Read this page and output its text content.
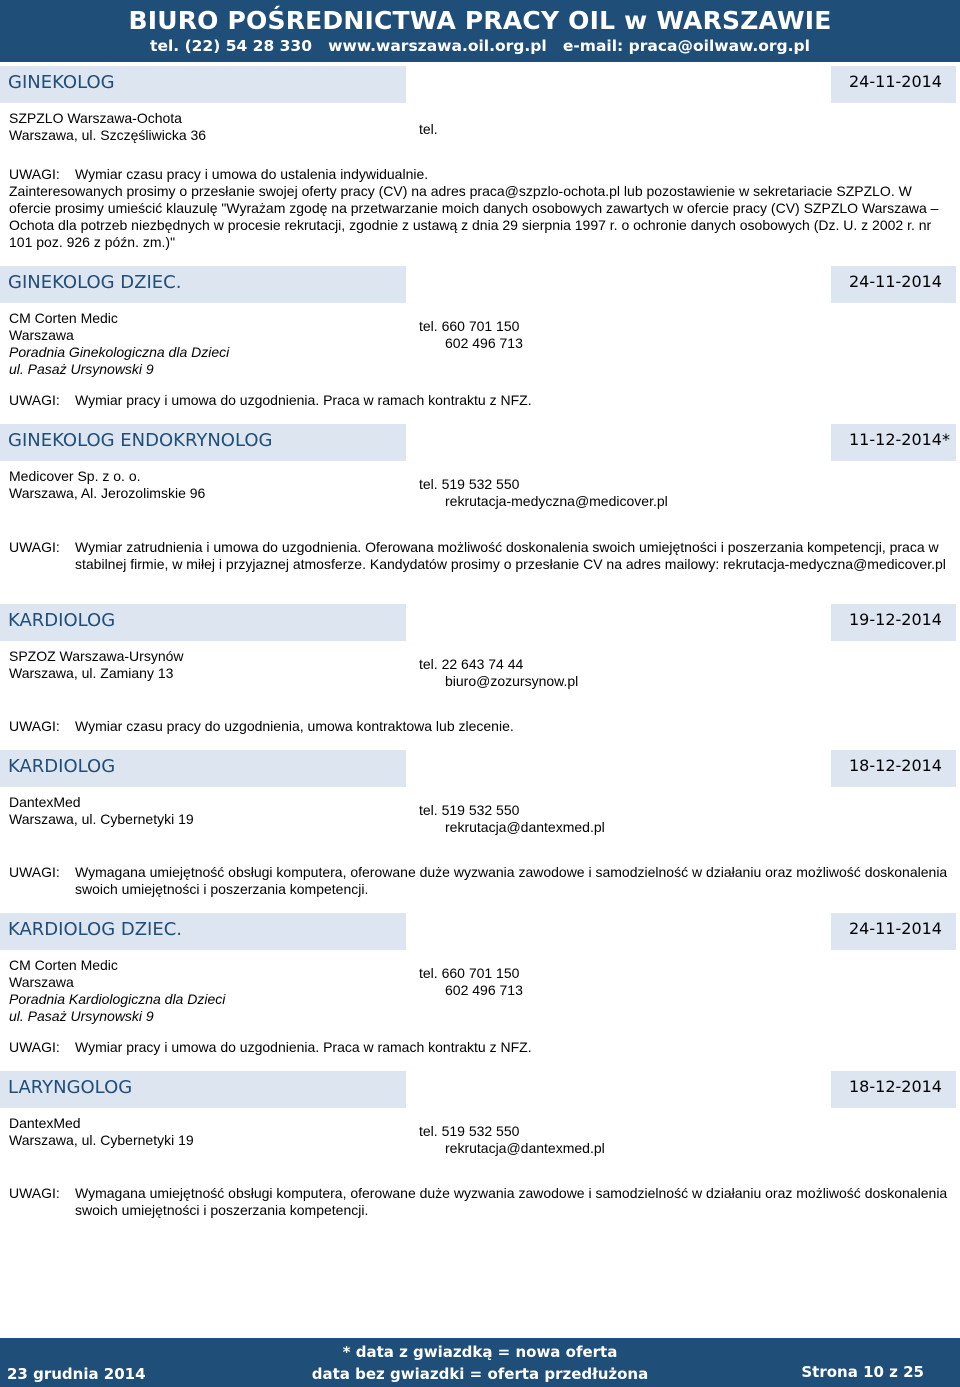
BIURO POŚREDNICTWA PRACY OIL w WARSZAWIE
tel. (22) 54 28 330   www.warszawa.oil.org.pl   e-mail: praca@oilwaw.org.pl
GINEKOLOG	24-11-2014
SZPZLO Warszawa-Ochota
Warszawa, ul. Szczęśliwicka 36	tel.
UWAGI: Wymiar czasu pracy i umowa do ustalenia indywidualnie.
Zainteresowanych prosimy o przesłanie swojej oferty pracy (CV) na adres praca@szpzlo-ochota.pl lub pozostawienie w sekretariacie SZPZLO. W ofercie prosimy umieścić klauzulę "Wyrażam zgodę na przetwarzanie moich danych osobowych zawartych w ofercie pracy (CV) SZPZLO Warszawa – Ochota dla potrzeb niezbędnych w procesie rekrutacji, zgodnie z ustawą z dnia 29 sierpnia 1997 r. o ochronie danych osobowych (Dz. U. z 2002 r. nr 101 poz. 926 z późn. zm.)"
GINEKOLOG DZIEC.	24-11-2014
CM Corten Medic
Warszawa
Poradnia Ginekologiczna dla Dzieci
ul. Pasaż Ursynowski 9
tel. 660 701 150
602 496 713
UWAGI: Wymiar pracy i umowa do uzgodnienia. Praca w ramach kontraktu z NFZ.
GINEKOLOG ENDOKRYNOLOG	11-12-2014*
Medicover Sp. z o. o.
Warszawa, Al. Jerozolimskie 96
tel. 519 532 550
rekrutacja-medyczna@medicover.pl
UWAGI: Wymiar zatrudnienia i umowa do uzgodnienia. Oferowana możliwość doskonalenia swoich umiejętności i poszerzania kompetencji, praca w stabilnej firmie, w miłej i przyjaznej atmosferze. Kandydatów prosimy o przesłanie CV na adres mailowy: rekrutacja-medyczna@medicover.pl
KARDIOLOG	19-12-2014
SPZOZ Warszawa-Ursynów
Warszawa, ul. Zamiany 13
tel. 22 643 74 44
biuro@zozursynow.pl
UWAGI: Wymiar czasu pracy do uzgodnienia, umowa kontraktowa lub zlecenie.
KARDIOLOG	18-12-2014
DantexMed
Warszawa, ul. Cybernetyki 19
tel. 519 532 550
rekrutacja@dantexmed.pl
UWAGI: Wymagana umiejętność obsługi komputera, oferowane duże wyzwania zawodowe i samodzielność w działaniu oraz możliwość doskonalenia swoich umiejętności i poszerzania kompetencji.
KARDIOLOG DZIEC.	24-11-2014
CM Corten Medic
Warszawa
Poradnia Kardiologiczna dla Dzieci
ul. Pasaż Ursynowski 9
tel. 660 701 150
602 496 713
UWAGI: Wymiar pracy i umowa do uzgodnienia. Praca w ramach kontraktu z NFZ.
LARYNGOLOG	18-12-2014
DantexMed
Warszawa, ul. Cybernetyki 19
tel. 519 532 550
rekrutacja@dantexmed.pl
UWAGI: Wymagana umiejętność obsługi komputera, oferowane duże wyzwania zawodowe i samodzielność w działaniu oraz możliwość doskonalenia swoich umiejętności i poszerzania kompetencji.
23 grudnia 2014
* data z gwiazdką = nowa oferta
data bez gwiazdki = oferta przedłużona	Strona 10 z 25
